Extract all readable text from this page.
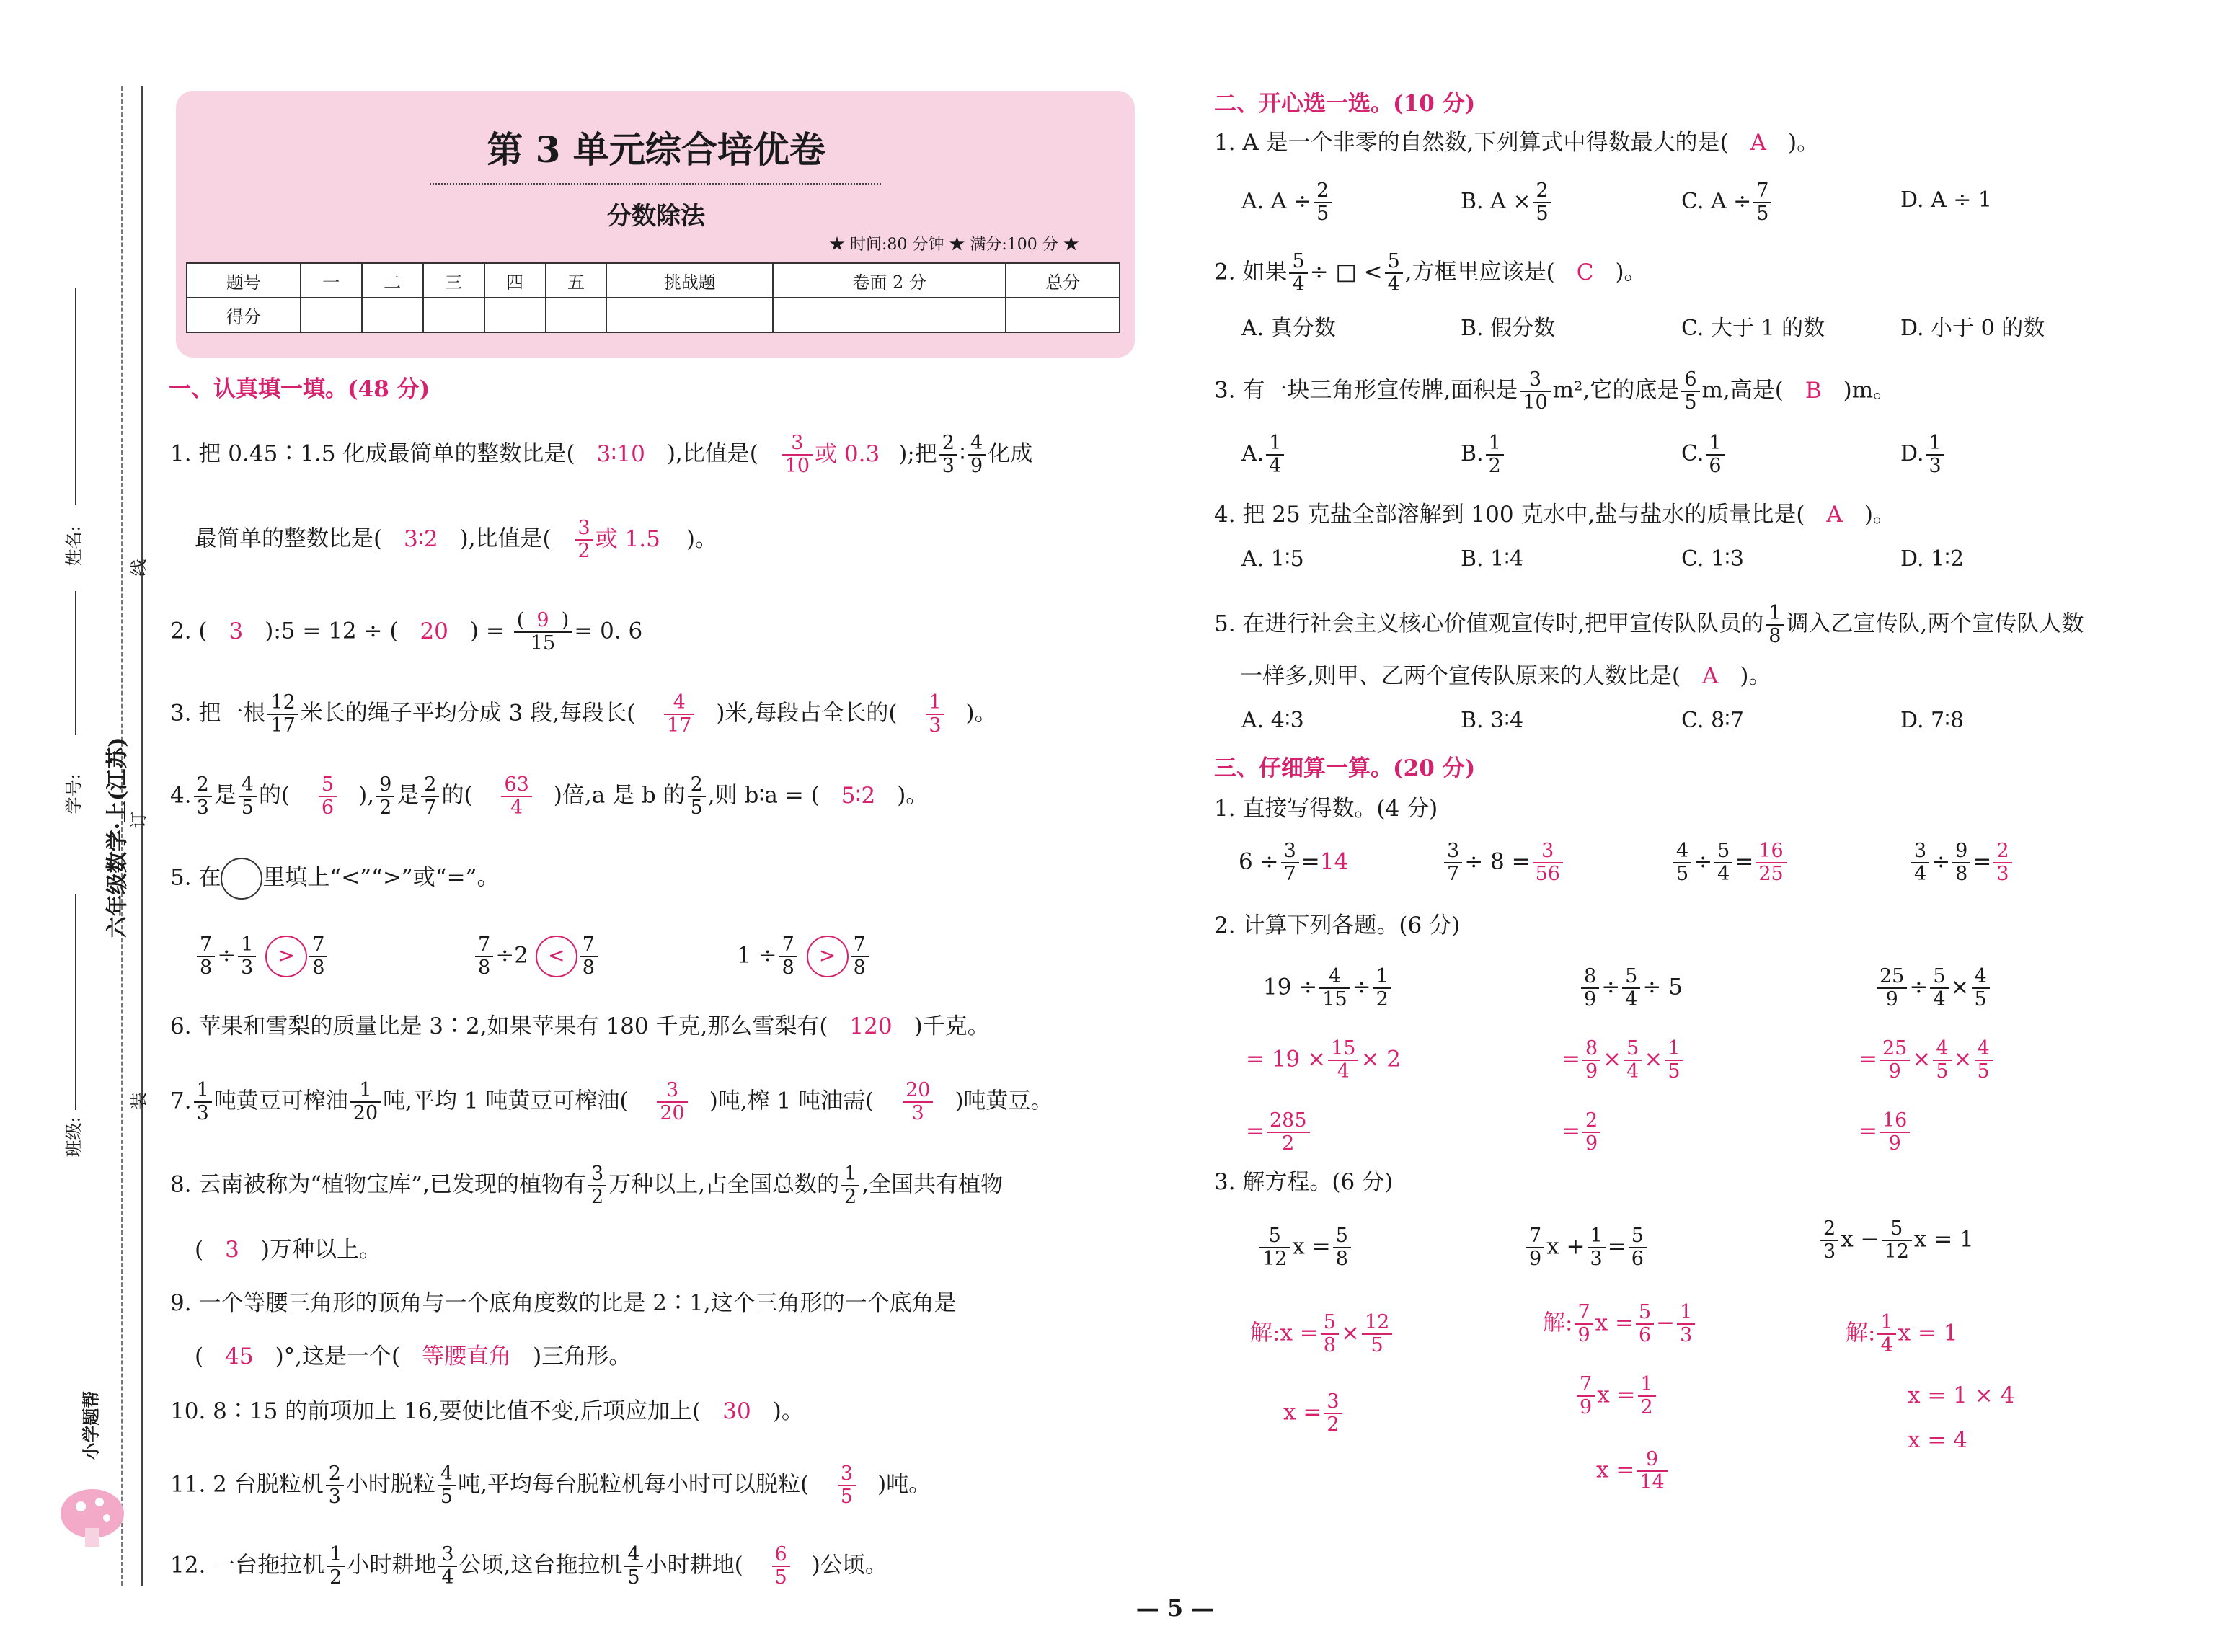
姓名:
线
学号: 六年级数学·上(江苏)
订
装
班级:
小学题帮
第 3 单元综合培优卷
分数除法
★ 时间:80 分钟 ★ 满分:100 分 ★
题号	一	二	三	四	五	挑战题	卷面 2 分	总分
得分								
一、认真填一填。(48 分)
1. 把 0.45∶1.5 化成最简单的整数比是( 3∶10 ),比值是( $\frac{3}{10}$ 或 0.3 );把 $\frac{2}{3}$ ∶ $\frac{4}{9}$ 化成
最简单的整数比是( 3∶2 ),比值是( $\frac{3}{2}$ 或 1.5 )。
2. ( 3 ):5 = 12 ÷ ( 20 ) = $\frac{( 9 )}{15} = 0$. 6
3. 把一根 $\frac{12}{17}$ 米长的绳子平均分成 3 段,每段长( $\frac{4}{17}$ )米,每段占全长的( $\frac{1}{3}$ )。
4. $\frac{2}{3}$ 是 $\frac{4}{5}$ 的( $\frac{5}{6}$ ), $\frac{9}{2}$ 是 $\frac{2}{7}$ 的( $\frac{63}{4}$ )倍,a 是 b 的 $\frac{2}{5}$ ,则 b∶a = ( 5∶2 )。
5. 在 里填上“<”“>”或“=”。
$\frac{7}{8} \div \frac{1}{3} > \frac{7}{8}$	$\frac{7}{8} \div 2 < \frac{7}{8}$	$1 \div \frac{7}{8} > \frac{7}{8}$
6. 苹果和雪梨的质量比是 3∶2,如果苹果有 180 千克,那么雪梨有( 120 )千克。
7. $\frac{1}{3}$ 吨黄豆可榨油 $\frac{1}{20}$ 吨,平均 1 吨黄豆可榨油( $\frac{3}{20}$ )吨,榨 1 吨油需( $\frac{20}{3}$ )吨黄豆。
8. 云南被称为“植物宝库”,已发现的植物有 $\frac{3}{2}$ 万种以上,占全国总数的 $\frac{1}{2}$ ,全国共有植物
( 3 )万种以上。
9. 一个等腰三角形的顶角与一个底角度数的比是 2∶1,这个三角形的一个底角是
( 45 )°,这是一个( 等腰直角 )三角形。
10. 8∶15 的前项加上 16,要使比值不变,后项应加上( 30 )。
11. 2 台脱粒机 $\frac{2}{3}$ 小时脱粒 $\frac{4}{5}$ 吨,平均每台脱粒机每小时可以脱粒( $\frac{3}{5}$ )吨。
12. 一台拖拉机 $\frac{1}{2}$ 小时耕地 $\frac{3}{4}$ 公顷,这台拖拉机 $\frac{4}{5}$ 小时耕地( $\frac{6}{5}$ )公顷。
二、开心选一选。(10 分)
1. A 是一个非零的自然数,下列算式中得数最大的是( A )。
A. $A \div \frac{2}{5}$	B. $A \times \frac{2}{5}$	C. $A \div \frac{7}{5}$	D. A ÷ 1
2. 如果 $\frac{5}{4}$ ÷ □ < $\frac{5}{4}$ ,方框里应该是( C )。
A. 真分数	B. 假分数	C. 大于 1 的数	D. 小于 0 的数
3. 有一块三角形宣传牌,面积是 $\frac{3}{10} m^2$,它的底是 $\frac{6}{5} m$,高是( B )m。
A. $\frac{1}{4}$	B. $\frac{1}{2}$	C. $\frac{1}{6}$	D. $\frac{1}{3}$
4. 把 25 克盐全部溶解到 100 克水中,盐与盐水的质量比是( A )。
A. 1∶5	B. 1∶4	C. 1∶3	D. 1∶2
5. 在进行社会主义核心价值观宣传时,把甲宣传队队员的 $\frac{1}{8}$ 调入乙宣传队,两个宣传队人数
一样多,则甲、乙两个宣传队原来的人数比是( A )。
A. 4∶3	B. 3∶4	C. 8∶7	D. 7∶8
三、仔细算一算。(20 分)
1. 直接写得数。(4 分)
$6 \div \frac{3}{7} =14$	$\frac{3}{7} \div 8 = \frac{3}{56}$	$\frac{4}{5} \div \frac{5}{4} = \frac{16}{25}$	$\frac{3}{4} \div \frac{9}{8} = \frac{2}{3}$
2. 计算下列各题。(6 分)
$19 \div \frac{4}{15} \div \frac{1}{2}$
= $19 \times \frac{15}{4} \times 2$
= $\frac{285}{2}$
$\frac{8}{9} \div \frac{5}{4} \div 5$
= $\frac{8}{9} \times \frac{5}{4} \times \frac{1}{5}$
= $\frac{2}{9}$
$\frac{25}{9} \div \frac{5}{4} \times \frac{4}{5}$
= $\frac{25}{9} \times \frac{4}{5} \times \frac{4}{5}$
= $\frac{16}{9}$
3. 解方程。(6 分)
$\frac{5}{12}$ $x = \frac{5}{8}$
解:x = $\frac{5}{8} \times \frac{12}{5}$
$x = \frac{3}{2}$
$\frac{7}{9}$ $x + \frac{1}{3} = \frac{5}{6}$
解: $\frac{7}{9}$ $x = \frac{5}{6} - \frac{1}{3}$
$\frac{7}{9}$ $x = \frac{1}{2}$
$x = \frac{9}{14}$
$\frac{2}{3}$ $x - \frac{5}{12}$ x = 1
解: $\frac{1}{4}$ x = 1
x = 1 × 4
x = 4
— 5 —
